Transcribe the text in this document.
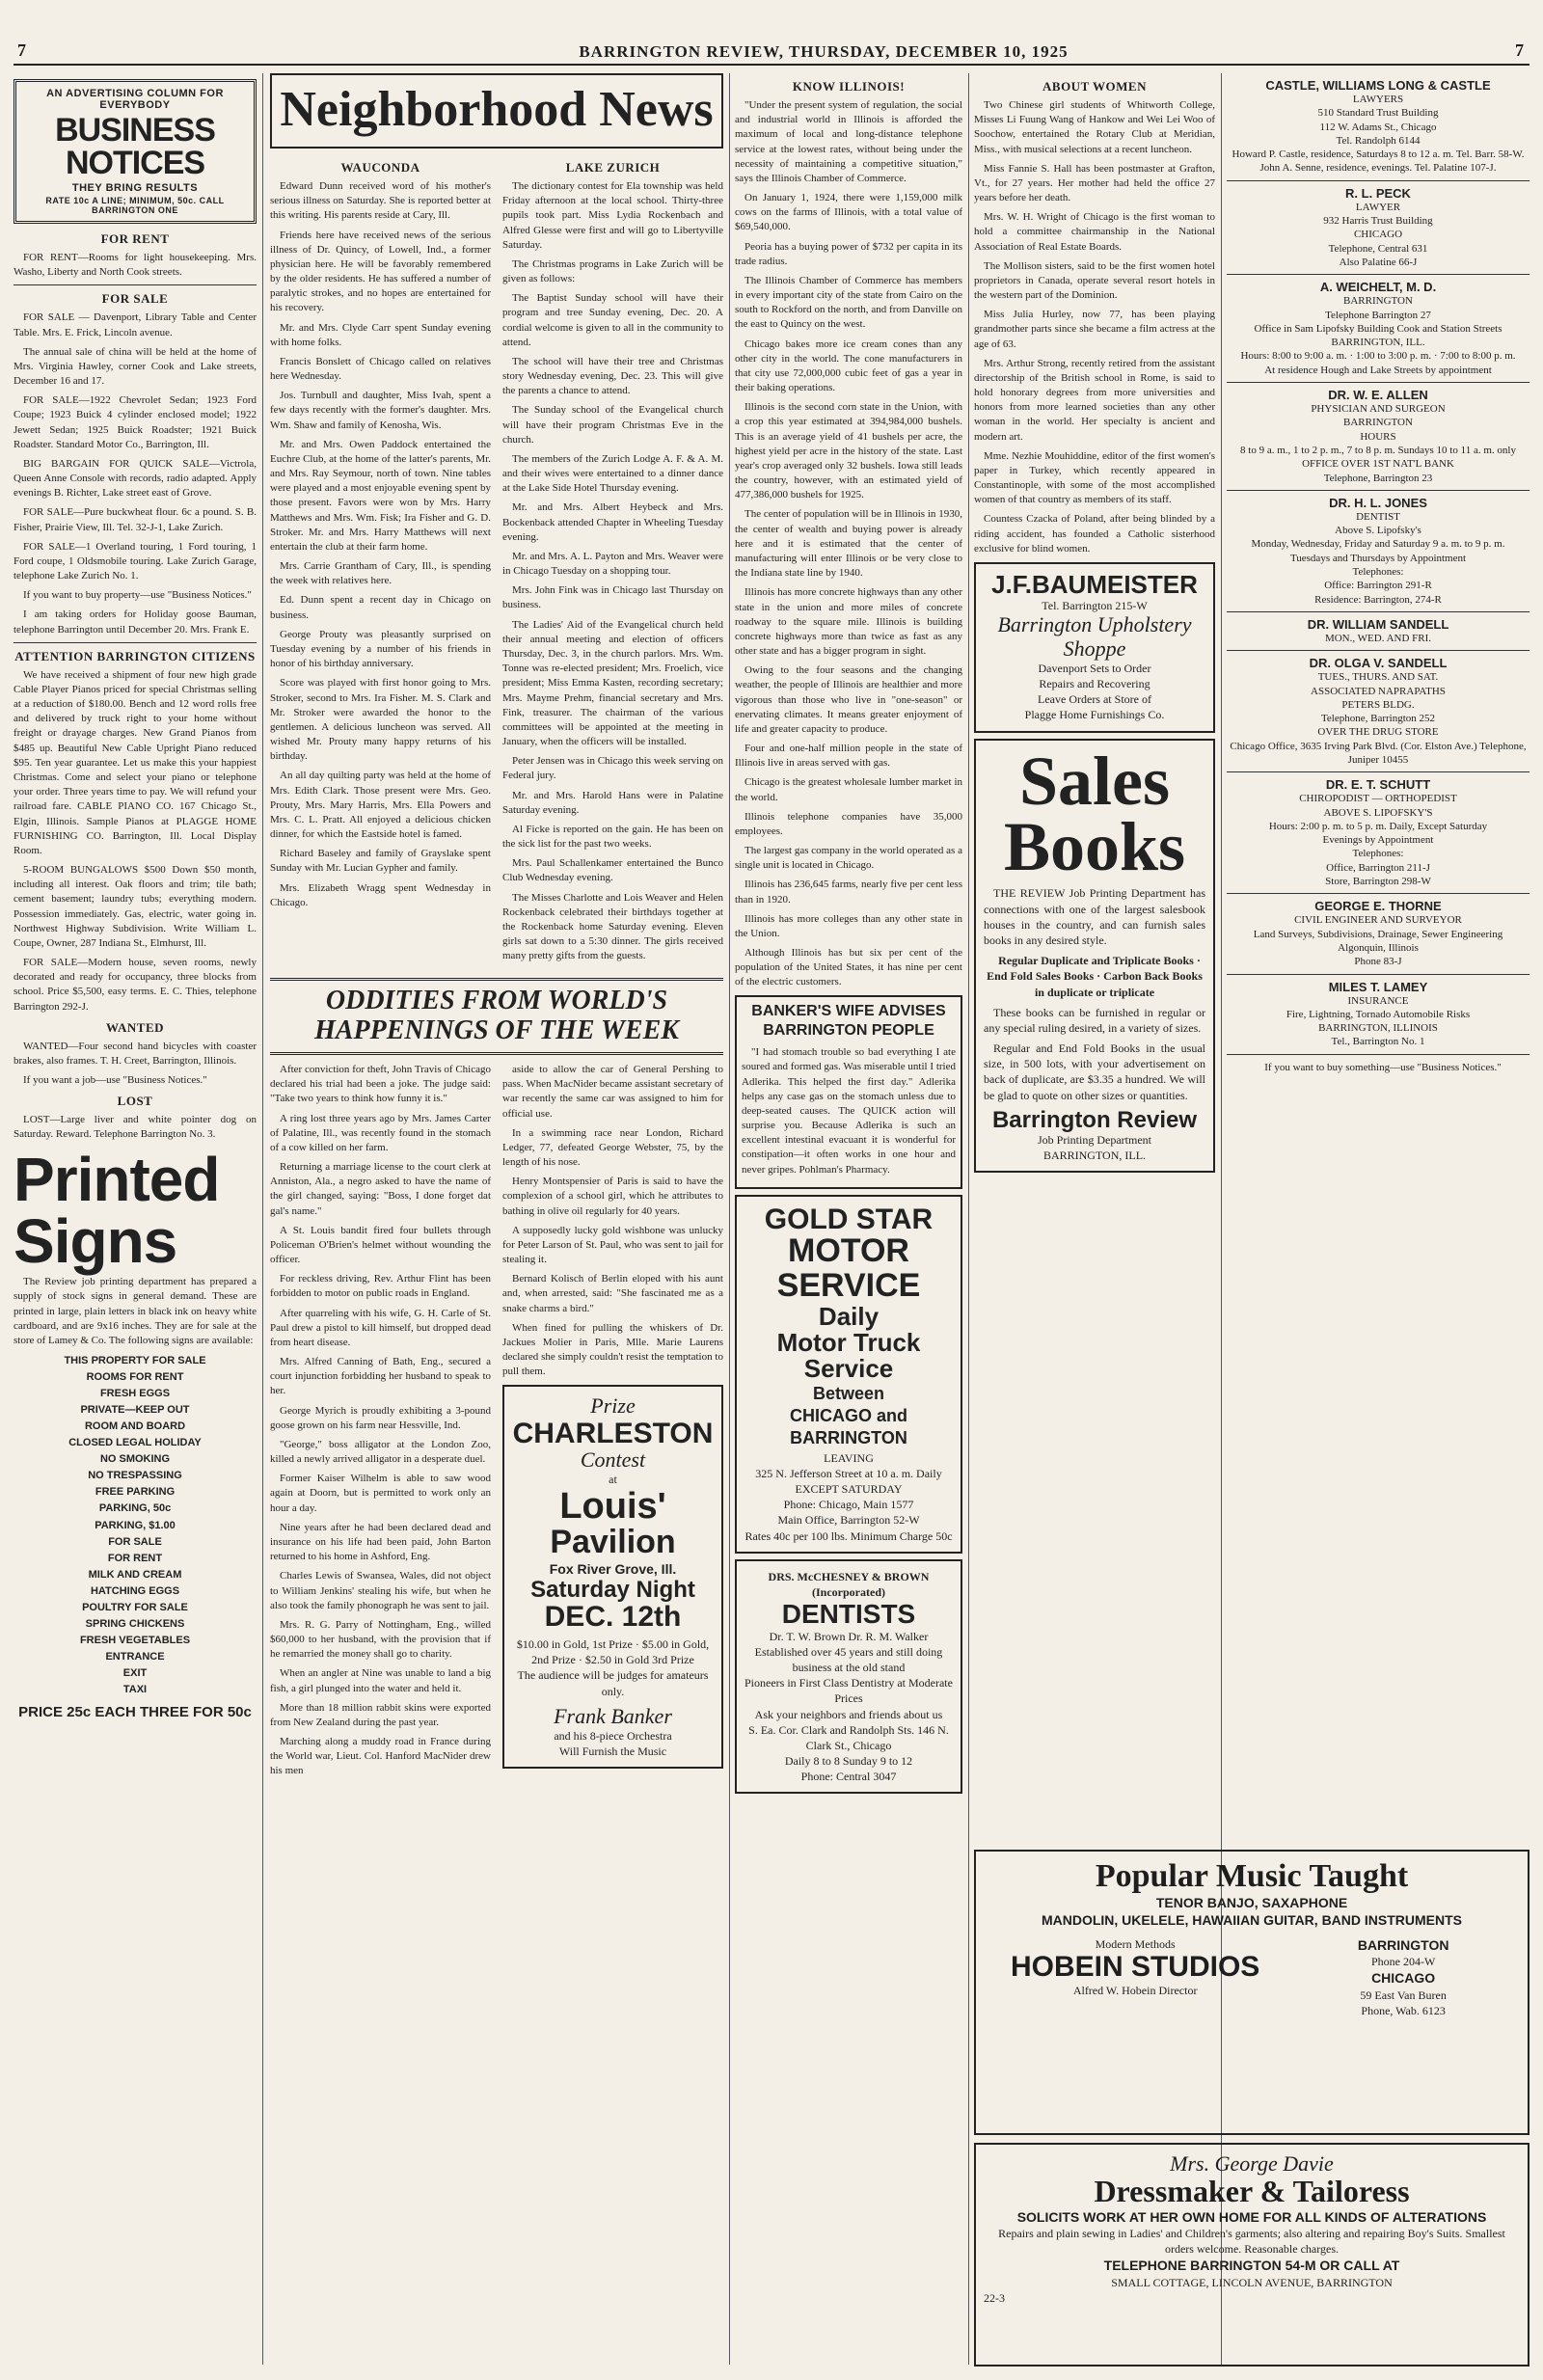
7	BARRINGTON REVIEW, THURSDAY, DECEMBER 10, 1925	7
AN ADVERTISING COLUMN FOR EVERYBODY
BUSINESS NOTICES
THEY BRING RESULTS
RATE 10c A LINE; MINIMUM, 50c. CALL BARRINGTON ONE
FOR RENT

FOR RENT—Rooms for light housekeeping. Mrs. Washo, Liberty and North Cook streets.

FOR SALE

FOR SALE — Davenport, Library Table and Center Table. Mrs. E. Frick, Lincoln avenue.

The annual sale of china will be held at the home of Mrs. Virginia Hawley, corner Cook and Lake streets, December 16 and 17.

FOR SALE—1922 Chevrolet Sedan; 1923 Ford Coupe; 1923 Buick 4 cylinder enclosed model; 1922 Jewett Sedan; 1925 Buick Roadster; 1921 Buick Roadster. Standard Motor Co., Barrington, Ill.

BIG BARGAIN FOR QUICK SALE—Victrola, Queen Anne Console with records, radio adapted. Apply evenings B. Richter, Lake street east of Grove.

FOR SALE—Pure buckwheat flour. 6c a pound. S. B. Fisher, Prairie View, Ill. Tel. 32-J-1, Lake Zurich.

FOR SALE—1 Overland touring, 1 Ford touring, 1 Ford coupe, 1 Oldsmobile touring. Lake Zurich Garage, telephone Lake Zurich No. 1.

If you want to buy property—use "Business Notices."

I am taking orders for Holiday goose Bauman, telephone Barrington until December 20. Mrs. Frank E.

ATTENTION BARRINGTON CITIZENS

We have received a shipment of four new high grade Cable Player Pianos priced for special Christmas selling at a reduction of $180.00. Bench and 12 word rolls free and delivered by truck right to your home without freight or drayage charges. New Grand Pianos from $485 up. Beautiful New Cable Upright Piano reduced $95. Ten year guarantee. Let us make this your happiest Christmas. Come and select your piano or telephone your order. Three years time to pay. We will refund your railroad fare. CABLE PIANO CO. 167 Chicago St., Elgin, Illinois. Sample Pianos at PLAGGE HOME FURNISHING CO. Barrington, Ill. Local Display Room.

5-ROOM BUNGALOWS $500 Down $50 month, including all interest. Oak floors and trim; tile bath; cement basement; laundry tubs; everything modern. Possession immediately. Gas, electric, water going in. Northwest Highway Subdivision. Write William L. Coupe, Owner, 287 Indiana St., Elmhurst, Ill.

FOR SALE—Modern house, seven rooms, newly decorated and ready for occupancy, three blocks from school. Price $5,500, easy terms. E. C. Thies, telephone Barrington 292-J.

WANTED

WANTED—Four second hand bicycles with coaster brakes, also frames. T. H. Creet, Barrington, Illinois.

If you want a job—use "Business Notices."

LOST

LOST—Large liver and white pointer dog on Saturday. Reward. Telephone Barrington No. 3.

Printed
Signs

The Review job printing department has prepared a supply of stock signs in general demand. These are printed in large, plain letters in black ink on heavy white cardboard, and are 9x16 inches. They are for sale at the store of Lamey & Co. The following signs are available:

THIS PROPERTY FOR SALE
ROOMS FOR RENT
FRESH EGGS
PRIVATE—KEEP OUT
ROOM AND BOARD
CLOSED LEGAL HOLIDAY
NO SMOKING
NO TRESPASSING
FREE PARKING
PARKING, 50c
PARKING, $1.00
FOR SALE
FOR RENT
MILK AND CREAM
HATCHING EGGS
POULTRY FOR SALE
SPRING CHICKENS
FRESH VEGETABLES
ENTRANCE
EXIT
TAXI
PRICE 25c EACH THREE FOR 50c
Neighborhood News
WAUCONDA

Edward Dunn received word of his mother's serious illness on Saturday. She is reported better at this writing. His parents reside at Cary, Ill.

Friends here have received news of the serious illness of Dr. Quincy, of Lowell, Ind., a former physician here. He will be favorably remembered by the older residents. He has suffered a number of paralytic strokes, and no hopes are entertained for his recovery.

Mr. and Mrs. Clyde Carr spent Sunday evening with home folks.

Francis Bonslett of Chicago called on relatives here Wednesday.

Jos. Turnbull and daughter, Miss Ivah, spent a few days recently with the former's daughter. Mrs. Wm. Shaw and family of Kenosha, Wis.

Mr. and Mrs. Owen Paddock entertained the Euchre Club, at the home of the latter's parents, Mr. and Mrs. Ray Seymour, north of town. Nine tables were played and a most enjoyable evening spent by those present. Favors were won by Mrs. Harry Matthews and Mrs. Wm. Fisk; Ira Fisher and G. D. Stroker. Mr. and Mrs. Harry Matthews will next entertain the club at their farm home.

Mrs. Carrie Grantham of Cary, Ill., is spending the week with relatives here.

Ed. Dunn spent a recent day in Chicago on business.

George Prouty was pleasantly surprised on Tuesday evening by a number of his friends in honor of his birthday anniversary.

Score was played with first honor going to Mrs. Stroker, second to Mrs. Ira Fisher. M. S. Clark and Mr. Stroker were awarded the honor to the gentlemen. A delicious luncheon was served. All wished Mr. Prouty many happy returns of his birthday.

An all day quilting party was held at the home of Mrs. Edith Clark. Those present were Mrs. Geo. Prouty, Mrs. Mary Harris, Mrs. Ella Powers and Mrs. C. L. Pratt. All enjoyed a delicious chicken dinner, for which the Eastside hotel is famed.

Richard Baseley and family of Grayslake spent Sunday with Mr. Lucian Gypher and family.

Mrs. Elizabeth Wragg spent Wednesday in Chicago.

LAKE ZURICH

The dictionary contest for Ela township was held Friday afternoon at the local school. Thirty-three pupils took part. Miss Lydia Rockenbach and Alfred Glesse were first and will go to Libertyville Saturday.

The Christmas programs in Lake Zurich will be given as follows:

The Baptist Sunday school will have their program and tree Sunday evening, Dec. 20. A cordial welcome is given to all in the community to attend.

The school will have their tree and Christmas story Wednesday evening, Dec. 23. This will give the parents a chance to attend.

The Sunday school of the Evangelical church will have their program Christmas Eve in the church.

The members of the Zurich Lodge A. F. & A. M. and their wives were entertained to a dinner dance at the Lake Side Hotel Thursday evening.

Mr. and Mrs. Albert Heybeck and Mrs. Bockenback attended Chapter in Wheeling Tuesday evening.

Mr. and Mrs. A. L. Payton and Mrs. Weaver were in Chicago Tuesday on a shopping tour.

Mrs. John Fink was in Chicago last Thursday on business.

The Ladies' Aid of the Evangelical church held their annual meeting and election of officers Thursday, Dec. 3, in the church parlors. Mrs. Wm. Tonne was re-elected president; Mrs. Froelich, vice president; Miss Emma Kasten, recording secretary; Mrs. Mayme Prehm, financial secretary and Mrs. Fink, treasurer. The chairman of the various committees will be appointed at the meeting in January, when the officers will be installed.

Peter Jensen was in Chicago this week serving on Federal jury.

Mr. and Mrs. Harold Hans were in Palatine Saturday evening.

Al Ficke is reported on the gain. He has been on the sick list for the past two weeks.

Mrs. Paul Schallenkamer entertained the Bunco Club Wednesday evening.

The Misses Charlotte and Lois Weaver and Helen Rockenback celebrated their birthdays together at the Rockenback home Saturday evening. Eleven girls sat down to a 5:30 dinner. The girls received many pretty gifts from the guests.

ODDITIES FROM WORLD'S HAPPENINGS OF THE WEEK

After conviction for theft, John Travis of Chicago declared his trial had been a joke. The judge said: "Take two years to think how funny it is."

A ring lost three years ago by Mrs. James Carter of Palatine, Ill., was recently found in the stomach of a cow killed on her farm.

Returning a marriage license to the court clerk at Anniston, Ala., a negro asked to have the name of the girl changed, saying: "Boss, I done forget dat gal's name."

A St. Louis bandit fired four bullets through Policeman O'Brien's helmet without wounding the officer.

For reckless driving, Rev. Arthur Flint has been forbidden to motor on public roads in England.

After quarreling with his wife, G. H. Carle of St. Paul drew a pistol to kill himself, but dropped dead from heart disease.

Mrs. Alfred Canning of Bath, Eng., secured a court injunction forbidding her husband to speak to her.

George Myrich is proudly exhibiting a 3-pound goose grown on his farm near Hessville, Ind.

"George," boss alligator at the London Zoo, killed a newly arrived alligator in a desperate duel.

Former Kaiser Wilhelm is able to saw wood again at Doorn, but is permitted to work only an hour a day.

Nine years after he had been declared dead and insurance on his life had been paid, John Barton returned to his home in Ashford, Eng.

Charles Lewis of Swansea, Wales, did not object to William Jenkins' stealing his wife, but when he also took the family phonograph he was sent to jail.

Mrs. R. G. Parry of Nottingham, Eng., willed $60,000 to her husband, with the provision that if he remarried the money shall go to charity.

When an angler at Nine was unable to land a big fish, a girl plunged into the water and held it.

More than 18 million rabbit skins were exported from New Zealand during the past year.

Marching along a muddy road in France during the World war, Lieut. Col. Hanford MacNider drew his men

aside to allow the car of General Pershing to pass. When MacNider became assistant secretary of war recently the same car was assigned to him for official use.

In a swimming race near London, Richard Ledger, 77, defeated George Webster, 75, by the length of his nose.

Henry Montspensier of Paris is said to have the complexion of a school girl, which he attributes to bathing in olive oil regularly for 40 years.

A supposedly lucky gold wishbone was unlucky for Peter Larson of St. Paul, who was sent to jail for stealing it.

Bernard Kolisch of Berlin eloped with his aunt and, when arrested, said: "She fascinated me as a snake charms a bird."

When fined for pulling the whiskers of Dr. Jackues Molier in Paris, Mlle. Marie Laurens declared she simply couldn't resist the temptation to pull them.

Prize
CHARLESTON
Contest
at
Louis'
Pavilion
Fox River Grove, Ill.
Saturday Night
DEC. 12th
$10.00 in Gold, 1st Prize · $5.00 in Gold, 2nd Prize · $2.50 in Gold 3rd Prize
The audience will be judges for amateurs only.
Frank Banker
and his 8-piece Orchestra
Will Furnish the Music
KNOW ILLINOIS!

"Under the present system of regulation, the social and industrial world in Illinois is afforded the maximum of local and long-distance telephone service at the lowest rates, without being under the necessity of maintaining a competitive situation," says the Illinois Chamber of Commerce.

On January 1, 1924, there were 1,159,000 milk cows on the farms of Illinois, with a total value of $69,540,000.

Peoria has a buying power of $732 per capita in its trade radius.

The Illinois Chamber of Commerce has members in every important city of the state from Cairo on the south to Rockford on the north, and from Danville on the east to Quincy on the west.

Chicago bakes more ice cream cones than any other city in the world. The cone manufacturers in that city use 72,000,000 cubic feet of gas a year in their baking operations.

Illinois is the second corn state in the Union, with a crop this year estimated at 394,984,000 bushels. This is an average yield of 41 bushels per acre, the highest yield per acre in the history of the state. Last year's crop averaged only 32 bushels. Iowa still leads the country, however, with an estimated yield of 477,386,000 bushels for 1925.

The center of population will be in Illinois in 1930, the center of wealth and buying power is already here and it is estimated that the center of manufacturing will enter Illinois or be very close to the Indiana state line by 1940.

Illinois has more concrete highways than any other state in the union and more miles of concrete roadway to the square mile. Illinois is building concrete highways more than twice as fast as any other state and has a bigger program in sight.

Owing to the four seasons and the changing weather, the people of Illinois are healthier and more vigorous than those who live in "one-season" or enervating climates. It means greater enjoyment of life and greater capacity to produce.

Four and one-half million people in the state of Illinois live in areas served with gas.

Chicago is the greatest wholesale lumber market in the world.

Illinois telephone companies have 35,000 employees.

The largest gas company in the world operated as a single unit is located in Chicago.

Illinois has 236,645 farms, nearly five per cent less than in 1920.

Illinois has more colleges than any other state in the Union.

Although Illinois has but six per cent of the population of the United States, it has nine per cent of the electric customers.

BANKER'S WIFE ADVISES BARRINGTON PEOPLE

"I had stomach trouble so bad everything I ate soured and formed gas. Was miserable until I tried Adlerika. This helped the first day." Adlerika helps any case gas on the stomach unless due to deep-seated causes. The QUICK action will surprise you. Because Adlerika is such an excellent intestinal evacuant it is wonderful for constipation—it often works in one hour and never gripes. Pohlman's Pharmacy.

GOLD STAR
MOTOR
SERVICE
Daily
Motor Truck
Service
Between
CHICAGO and
BARRINGTON
LEAVING
325 N. Jefferson Street at 10 a. m. Daily EXCEPT SATURDAY
Phone: Chicago, Main 1577
Main Office, Barrington 52-W
Rates 40c per 100 lbs. Minimum Charge 50c
DRS. McCHESNEY & BROWN (Incorporated)
DENTISTS
Dr. T. W. Brown Dr. R. M. Walker
Established over 45 years and still doing business at the old stand
Pioneers in First Class Dentistry at Moderate Prices
Ask your neighbors and friends about us
S. Ea. Cor. Clark and Randolph Sts. 146 N. Clark St., Chicago
Daily 8 to 8 Sunday 9 to 12
Phone: Central 3047
ABOUT WOMEN

Two Chinese girl students of Whitworth College, Misses Li Fuung Wang of Hankow and Wei Lei Woo of Soochow, entertained the Rotary Club at Meridian, Miss., with musical selections at a recent luncheon.

Miss Fannie S. Hall has been postmaster at Grafton, Vt., for 27 years. Her mother had held the office 27 years before her death.

Mrs. W. H. Wright of Chicago is the first woman to hold a committee chairmanship in the National Association of Real Estate Boards.

The Mollison sisters, said to be the first women hotel proprietors in Canada, operate several resort hotels in the western part of the Dominion.

Miss Julia Hurley, now 77, has been playing grandmother parts since she became a film actress at the age of 63.

Mrs. Arthur Strong, recently retired from the assistant directorship of the British school in Rome, is said to hold honorary degrees from more universities and honors from more learned societies than any other woman in the world. Her specialty is ancient and modern art.

Mme. Nezhie Mouhiddine, editor of the first women's paper in Turkey, which recently appeared in Constantinople, with some of the most accomplished women of that country as members of its staff.

Countess Czacka of Poland, after being blinded by a riding accident, has founded a Catholic sisterhood exclusive for blind women.

J.F.BAUMEISTER
Tel. Barrington 215-W
Barrington Upholstery Shoppe
Davenport Sets to Order
Repairs and Recovering
Leave Orders at Store of
Plagge Home Furnishings Co.
Sales
Books

THE REVIEW Job Printing Department has connections with one of the largest salesbook houses in the country, and can furnish sales books in any desired style.

Regular Duplicate and Triplicate Books · End Fold Sales Books · Carbon Back Books in duplicate or triplicate

These books can be furnished in regular or any special ruling desired, in a variety of sizes.

Regular and End Fold Books in the usual size, in 500 lots, with your advertisement on back of duplicate, are $3.35 a hundred. We will be glad to quote on other sizes or quantities.

Barrington Review
Job Printing Department
BARRINGTON, ILL.
CASTLE, WILLIAMS LONG & CASTLE
LAWYERS
510 Standard Trust Building
112 W. Adams St., Chicago
Tel. Randolph 6144
Howard P. Castle, residence, Saturdays 8 to 12 a. m. Tel. Barr. 58-W.
John A. Senne, residence, evenings. Tel. Palatine 107-J.
R. L. PECK
LAWYER
932 Harris Trust Building
CHICAGO
Telephone, Central 631
Also Palatine 66-J
A. WEICHELT, M. D.
BARRINGTON
Telephone Barrington 27
Office in Sam Lipofsky Building Cook and Station Streets BARRINGTON, ILL.
Hours: 8:00 to 9:00 a. m. · 1:00 to 3:00 p. m. · 7:00 to 8:00 p. m.
At residence Hough and Lake Streets by appointment
DR. W. E. ALLEN
PHYSICIAN AND SURGEON
BARRINGTON
HOURS
8 to 9 a. m., 1 to 2 p. m., 7 to 8 p. m. Sundays 10 to 11 a. m. only
OFFICE OVER 1ST NAT'L BANK
Telephone, Barrington 23
DR. H. L. JONES
DENTIST
Above S. Lipofsky's
Monday, Wednesday, Friday and Saturday 9 a. m. to 9 p. m.
Tuesdays and Thursdays by Appointment
Telephones:
Office: Barrington 291-R
Residence: Barrington, 274-R
DR. WILLIAM SANDELL
MON., WED. AND FRI.
DR. OLGA V. SANDELL
TUES., THURS. AND SAT.
ASSOCIATED NAPRAPATHS
PETERS BLDG.
Telephone, Barrington 252
OVER THE DRUG STORE
Chicago Office, 3635 Irving Park Blvd. (Cor. Elston Ave.) Telephone, Juniper 10455
DR. E. T. SCHUTT
CHIROPODIST — ORTHOPEDIST
ABOVE S. LIPOFSKY'S
Hours: 2:00 p. m. to 5 p. m. Daily, Except Saturday
Evenings by Appointment
Telephones:
Office, Barrington 211-J
Store, Barrington 298-W
GEORGE E. THORNE
CIVIL ENGINEER AND SURVEYOR
Land Surveys, Subdivisions, Drainage, Sewer Engineering
Algonquin, Illinois
Phone 83-J
MILES T. LAMEY
INSURANCE
Fire, Lightning, Tornado Automobile Risks
BARRINGTON, ILLINOIS
Tel., Barrington No. 1

If you want to buy something—use "Business Notices."

Popular Music Taught
TENOR BANJO, SAXAPHONE
MANDOLIN, UKELELE, HAWAIIAN GUITAR, BAND INSTRUMENTS
Modern Methods
HOBEIN STUDIOS
Alfred W. Hobein Director
BARRINGTON
Phone 204-W
CHICAGO
59 East Van Buren
Phone, Wab. 6123
Mrs. George Davie
Dressmaker & Tailoress
SOLICITS WORK AT HER OWN HOME FOR ALL KINDS OF ALTERATIONS
Repairs and plain sewing in Ladies' and Children's garments; also altering and repairing Boy's Suits. Smallest orders welcome. Reasonable charges.
TELEPHONE BARRINGTON 54-M OR CALL AT
SMALL COTTAGE, LINCOLN AVENUE, BARRINGTON
22-3
